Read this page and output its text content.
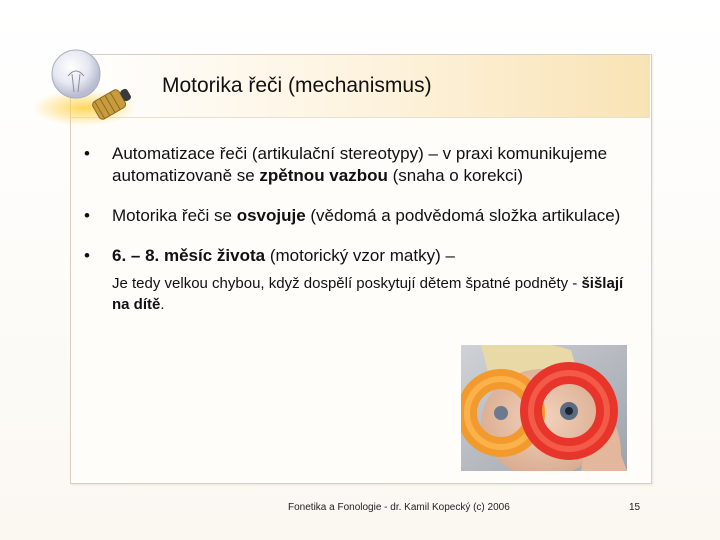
Motorika řeči (mechanismus)
• Automatizace řeči (artikulační stereotypy) – v praxi komunikujeme automatizovaně se zpětnou vazbou (snaha o korekci)
• Motorika řeči se osvojuje (vědomá a podvědomá složka artikulace)
• 6. – 8. měsíc života (motorický vzor matky) –
Je tedy velkou chybou, když dospělí poskytují dětem špatné podněty - šišlají na dítě.
Fonetika a Fonologie - dr. Kamil Kopecký (c) 2006	15
